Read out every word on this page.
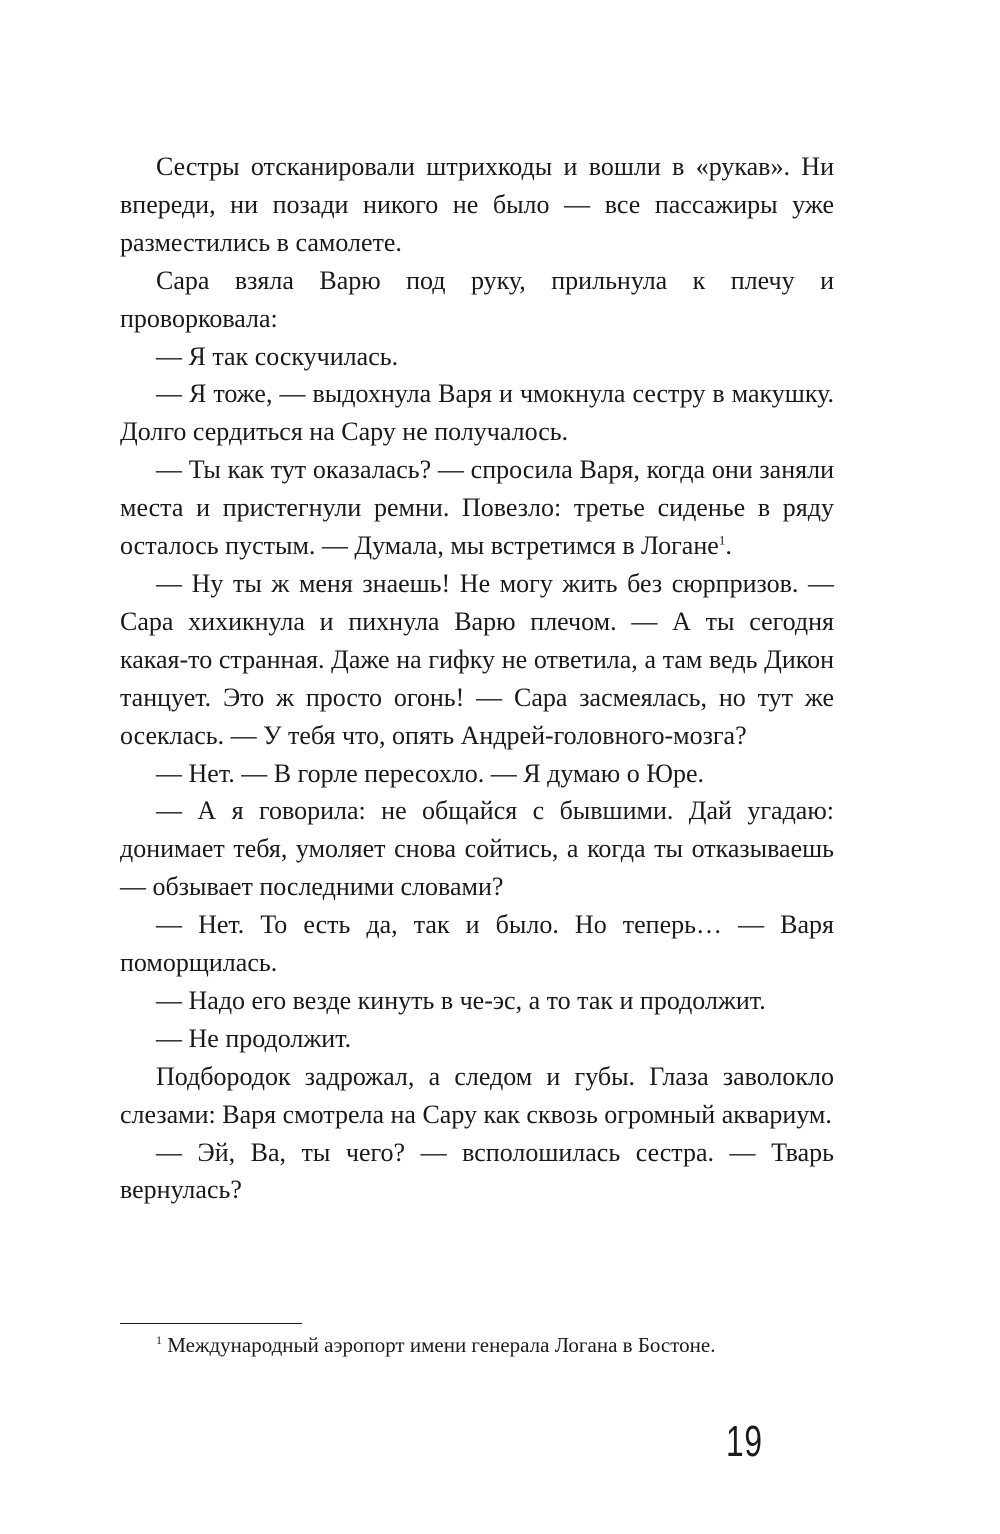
Сестры отсканировали штрихкоды и вошли в «рукав». Ни впереди, ни позади никого не было — все пассажиры уже разместились в самолете.

Сара взяла Варю под руку, прильнула к плечу и проворковала:

— Я так соскучилась.

— Я тоже, — выдохнула Варя и чмокнула сестру в макушку. Долго сердиться на Сару не получалось.

— Ты как тут оказалась? — спросила Варя, когда они заняли места и пристегнули ремни. Повезло: третье сиденье в ряду осталось пустым. — Думала, мы встретимся в Логане$^1$.

— Ну ты ж меня знаешь! Не могу жить без сюрпризов. — Сара хихикнула и пихнула Варю плечом. — А ты сегодня какая-то странная. Даже на гифку не ответила, а там ведь Дикон танцует. Это ж просто огонь! — Сара засмеялась, но тут же осеклась. — У тебя что, опять Андрей-головного-мозга?

— Нет. — В горле пересохло. — Я думаю о Юре.

— А я говорила: не общайся с бывшими. Дай угадаю: донимает тебя, умоляет снова сойтись, а когда ты отказываешь — обзывает последними словами?

— Нет. То есть да, так и было. Но теперь… — Варя поморщилась.

— Надо его везде кинуть в че-эс, а то так и продолжит.

— Не продолжит.

Подбородок задрожал, а следом и губы. Глаза заволокло слезами: Варя смотрела на Сару как сквозь огромный аквариум.

— Эй, Ва, ты чего? — всполошилась сестра. — Тварь вернулась?

$^1$ Международный аэропорт имени генерала Логана в Бостоне.
19
